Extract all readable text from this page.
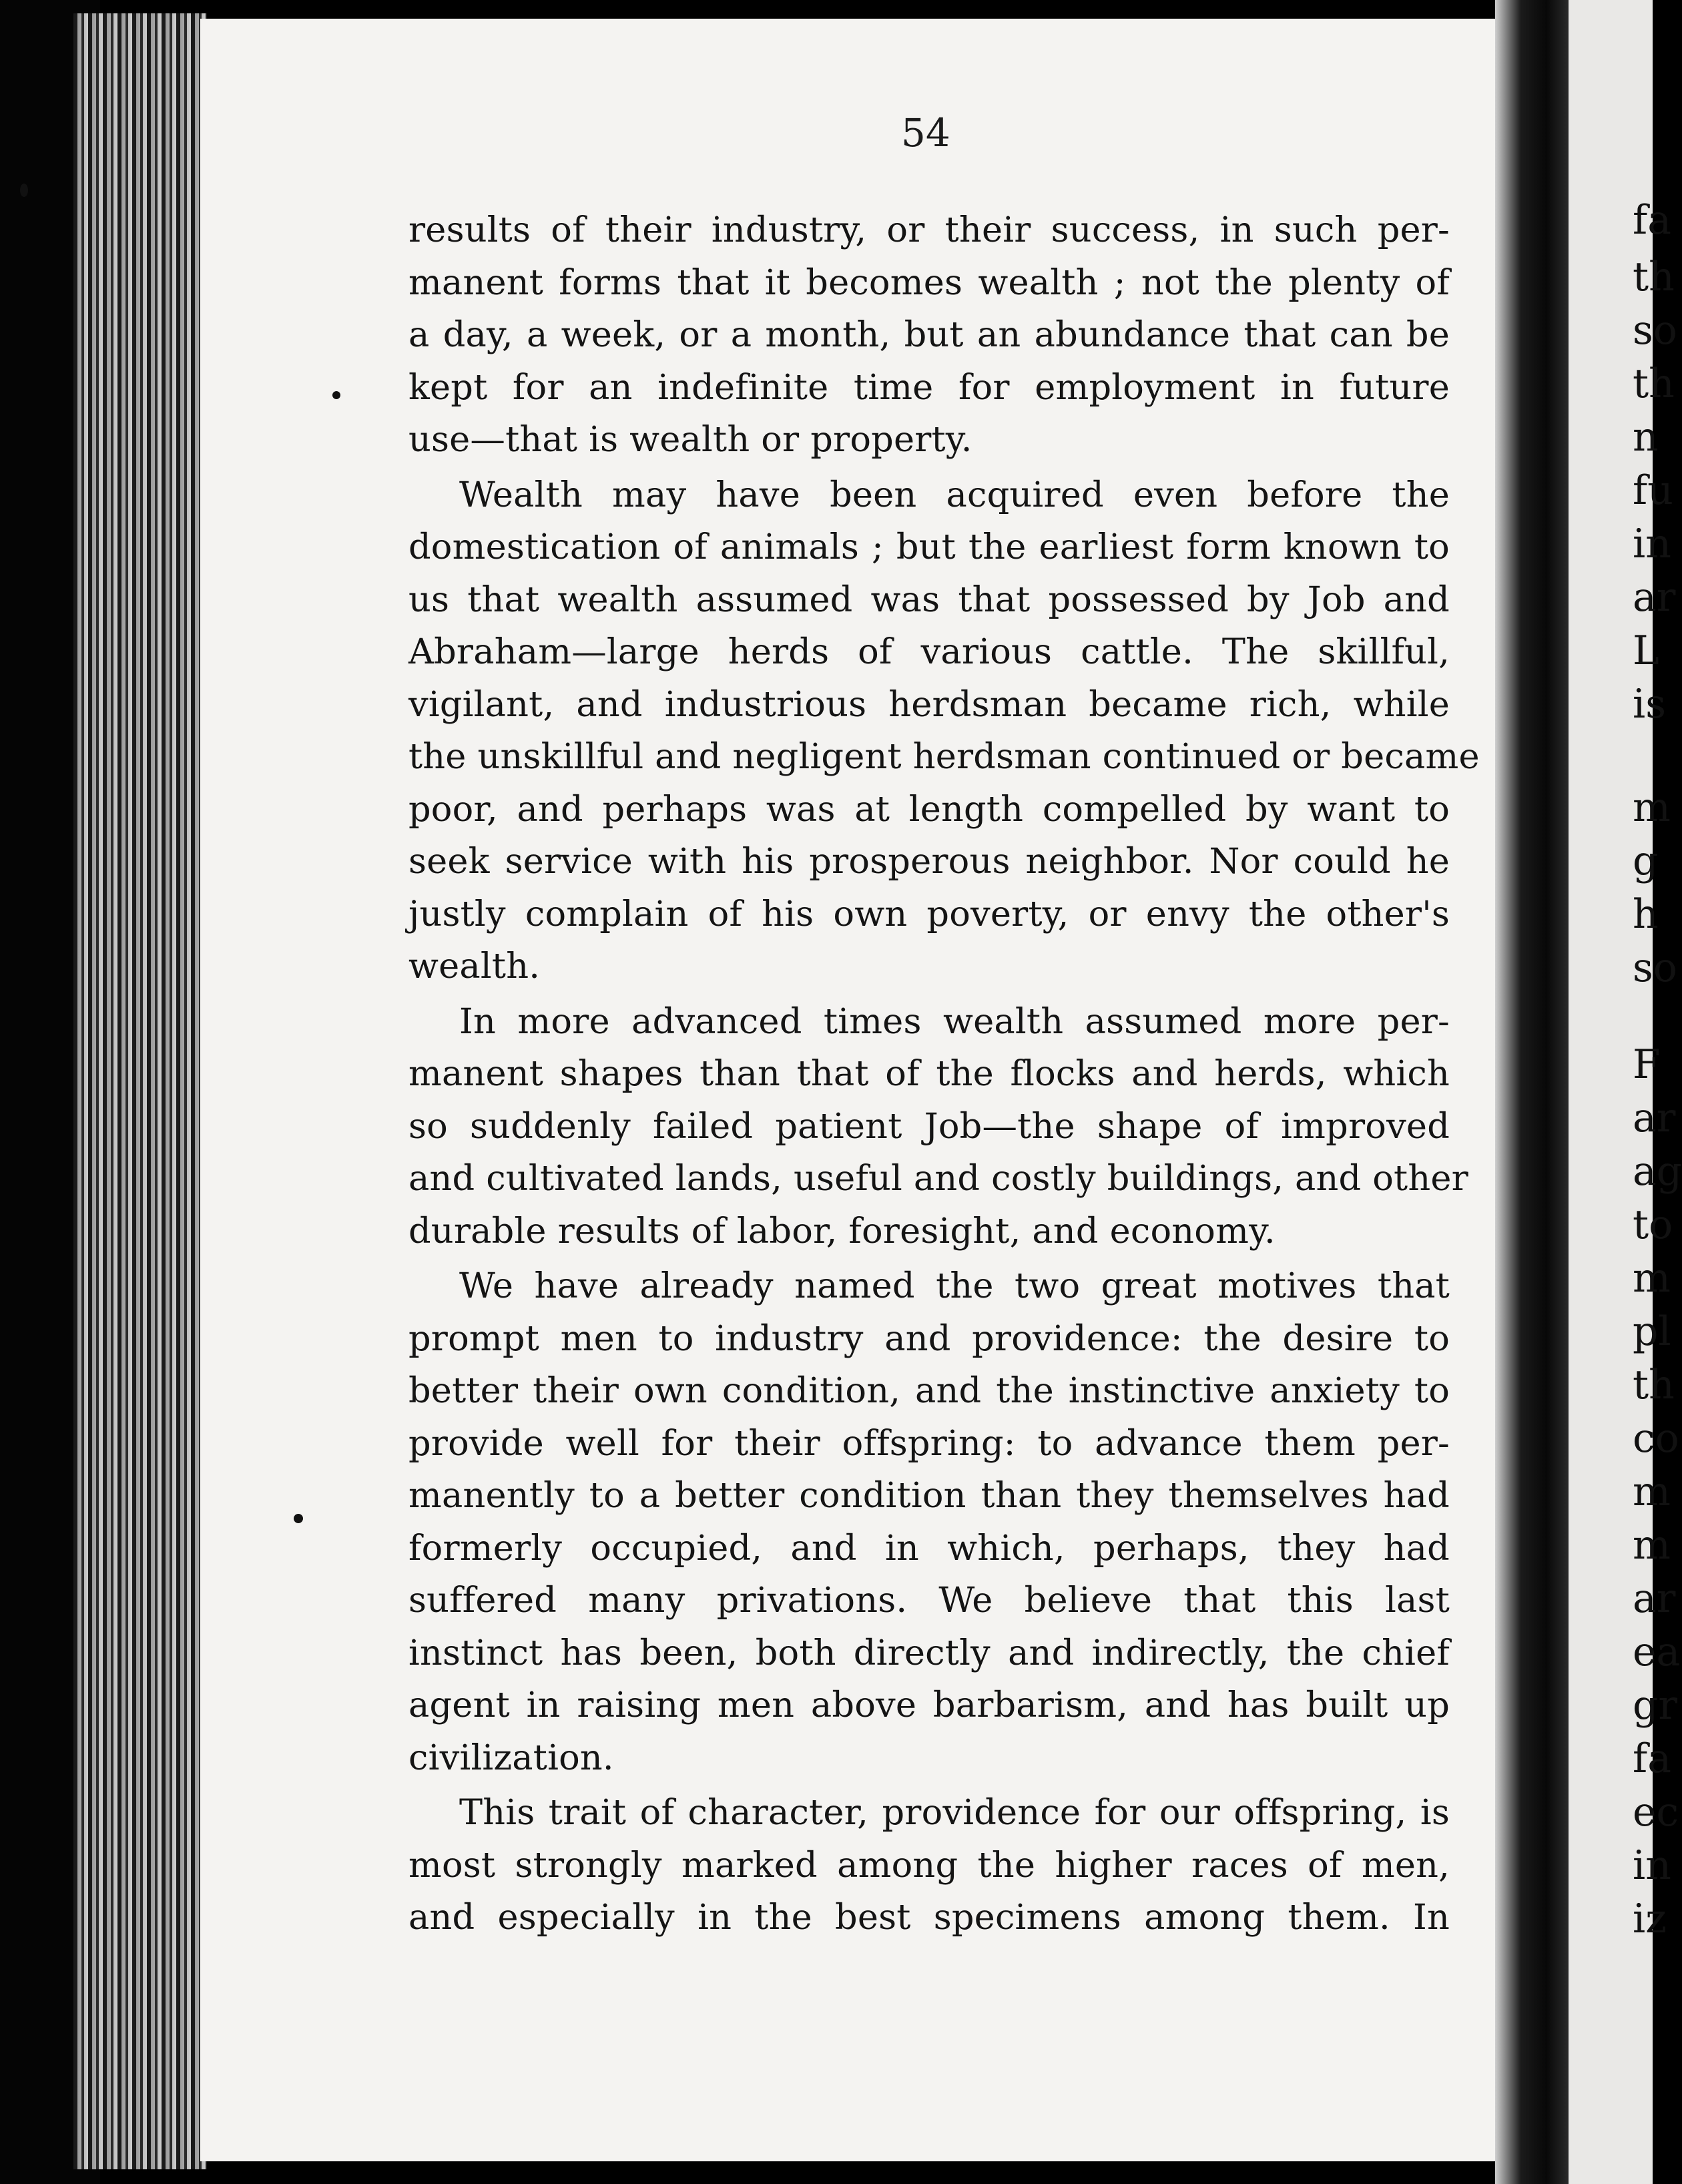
54
results of their industry, or their success, in such per-
manent forms that it becomes wealth ; not the plenty of
a day, a week, or a month, but an abundance that can be
kept for an indefinite time for employment in future
use—that is wealth or property.
Wealth may have been acquired even before the
domestication of animals ; but the earliest form known to
us that wealth assumed was that possessed by Job and
Abraham—large herds of various cattle. The skillful,
vigilant, and industrious herdsman became rich, while
the unskillful and negligent herdsman continued or became
poor, and perhaps was at length compelled by want to
seek service with his prosperous neighbor. Nor could he
justly complain of his own poverty, or envy the other's
wealth.
In more advanced times wealth assumed more per-
manent shapes than that of the flocks and herds, which
so suddenly failed patient Job—the shape of improved
and cultivated lands, useful and costly buildings, and other
durable results of labor, foresight, and economy.
We have already named the two great motives that
prompt men to industry and providence: the desire to
better their own condition, and the instinctive anxiety to
provide well for their offspring: to advance them per-
manently to a better condition than they themselves had
formerly occupied, and in which, perhaps, they had
suffered many privations. We believe that this last
instinct has been, both directly and indirectly, the chief
agent in raising men above barbarism, and has built up
civilization.
This trait of character, providence for our offspring, is
most strongly marked among the higher races of men,
and especially in the best specimens among them. In
fa
th
so
th
n
fu
in
ar
L
is
m
g
h
so
F
ar
ag
to
m
pl
th
co
m
m
ar
ea
gr
fa
ec
in
iz
